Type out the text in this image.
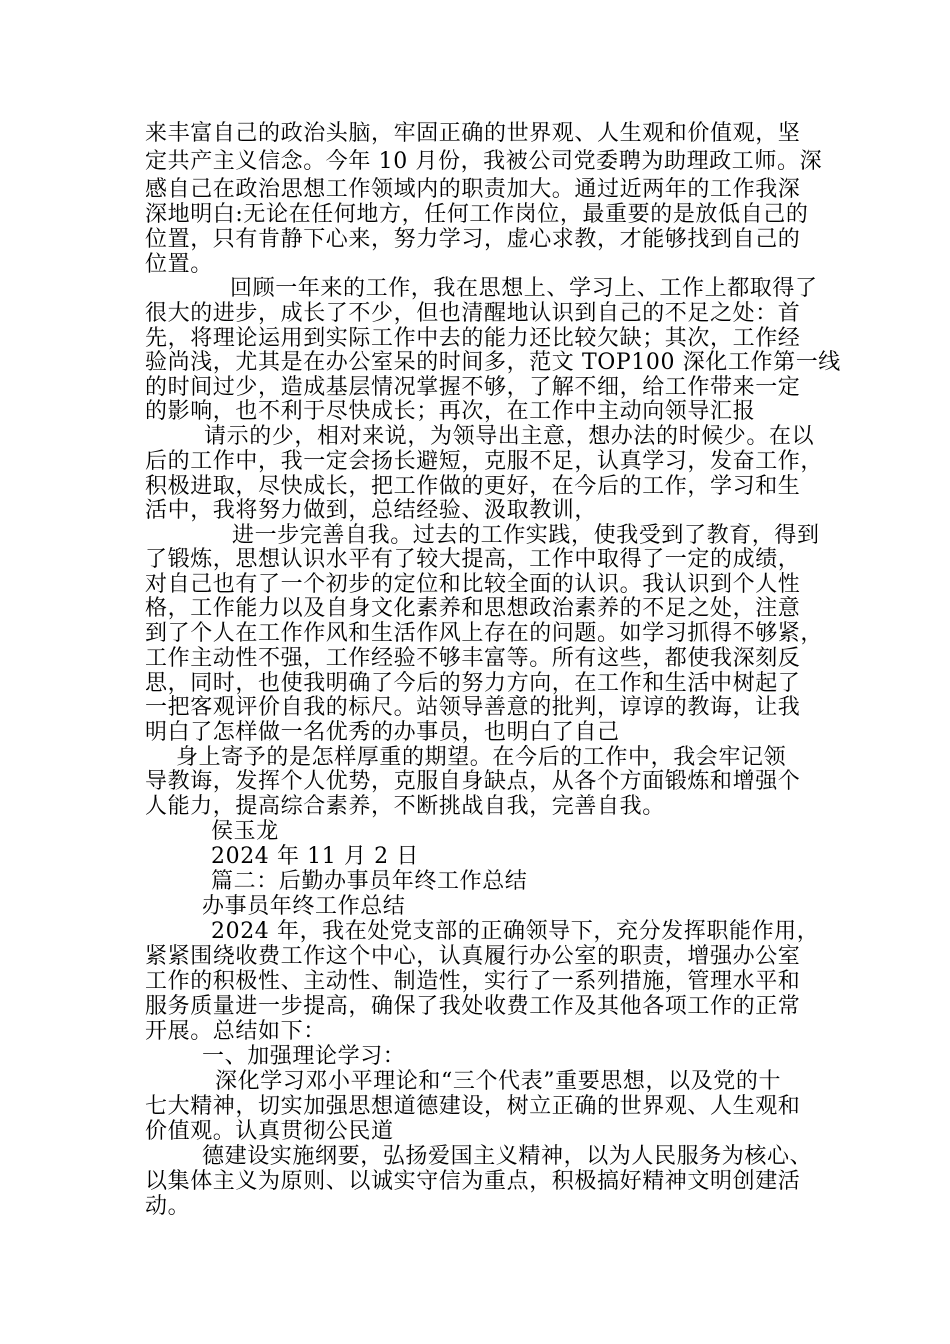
来丰富自己的政治头脑，牢固正确的世界观、人生观和价值观，坚
定共产主义信念。今年 10 月份，我被公司党委聘为助理政工师。深
感自己在政治思想工作领域内的职责加大。通过近两年的工作我深
深地明白:无论在任何地方，任何工作岗位，最重要的是放低自己的
位置，只有肯静下心来，努力学习，虚心求教，才能够找到自己的
位置。
回顾一年来的工作，我在思想上、学习上、工作上都取得了
很大的进步，成长了不少，但也清醒地认识到自己的不足之处：首
先，将理论运用到实际工作中去的能力还比较欠缺；其次，工作经
验尚浅，尤其是在办公室呆的时间多，范文 TOP100 深化工作第一线
的时间过少，造成基层情况掌握不够，了解不细，给工作带来一定
的影响，也不利于尽快成长；再次，在工作中主动向领导汇报
请示的少，相对来说，为领导出主意，想办法的时候少。在以
后的工作中，我一定会扬长避短，克服不足，认真学习，发奋工作，
积极进取，尽快成长，把工作做的更好，在今后的工作，学习和生
活中，我将努力做到，总结经验、汲取教训，
进一步完善自我。过去的工作实践，使我受到了教育，得到
了锻炼，思想认识水平有了较大提高，工作中取得了一定的成绩，
对自己也有了一个初步的定位和比较全面的认识。我认识到个人性
格，工作能力以及自身文化素养和思想政治素养的不足之处，注意
到了个人在工作作风和生活作风上存在的问题。如学习抓得不够紧，
工作主动性不强，工作经验不够丰富等。所有这些，都使我深刻反
思，同时，也使我明确了今后的努力方向，在工作和生活中树起了
一把客观评价自我的标尺。站领导善意的批判，谆谆的教诲，让我
明白了怎样做一名优秀的办事员，也明白了自己
身上寄予的是怎样厚重的期望。在今后的工作中，我会牢记领
导教诲，发挥个人优势，克服自身缺点，从各个方面锻炼和增强个
人能力，提高综合素养，不断挑战自我，完善自我。
侯玉龙
2024 年 11 月 2 日
篇二：后勤办事员年终工作总结
办事员年终工作总结
2024 年，我在处党支部的正确领导下，充分发挥职能作用，
紧紧围绕收费工作这个中心，认真履行办公室的职责，增强办公室
工作的积极性、主动性、制造性，实行了一系列措施，管理水平和
服务质量进一步提高，确保了我处收费工作及其他各项工作的正常
开展。总结如下：
一、加强理论学习：
深化学习邓小平理论和“三个代表”重要思想，以及党的十
七大精神，切实加强思想道德建设，树立正确的世界观、人生观和
价值观。认真贯彻公民道
德建设实施纲要，弘扬爱国主义精神，以为人民服务为核心、
以集体主义为原则、以诚实守信为重点，积极搞好精神文明创建活
动。
